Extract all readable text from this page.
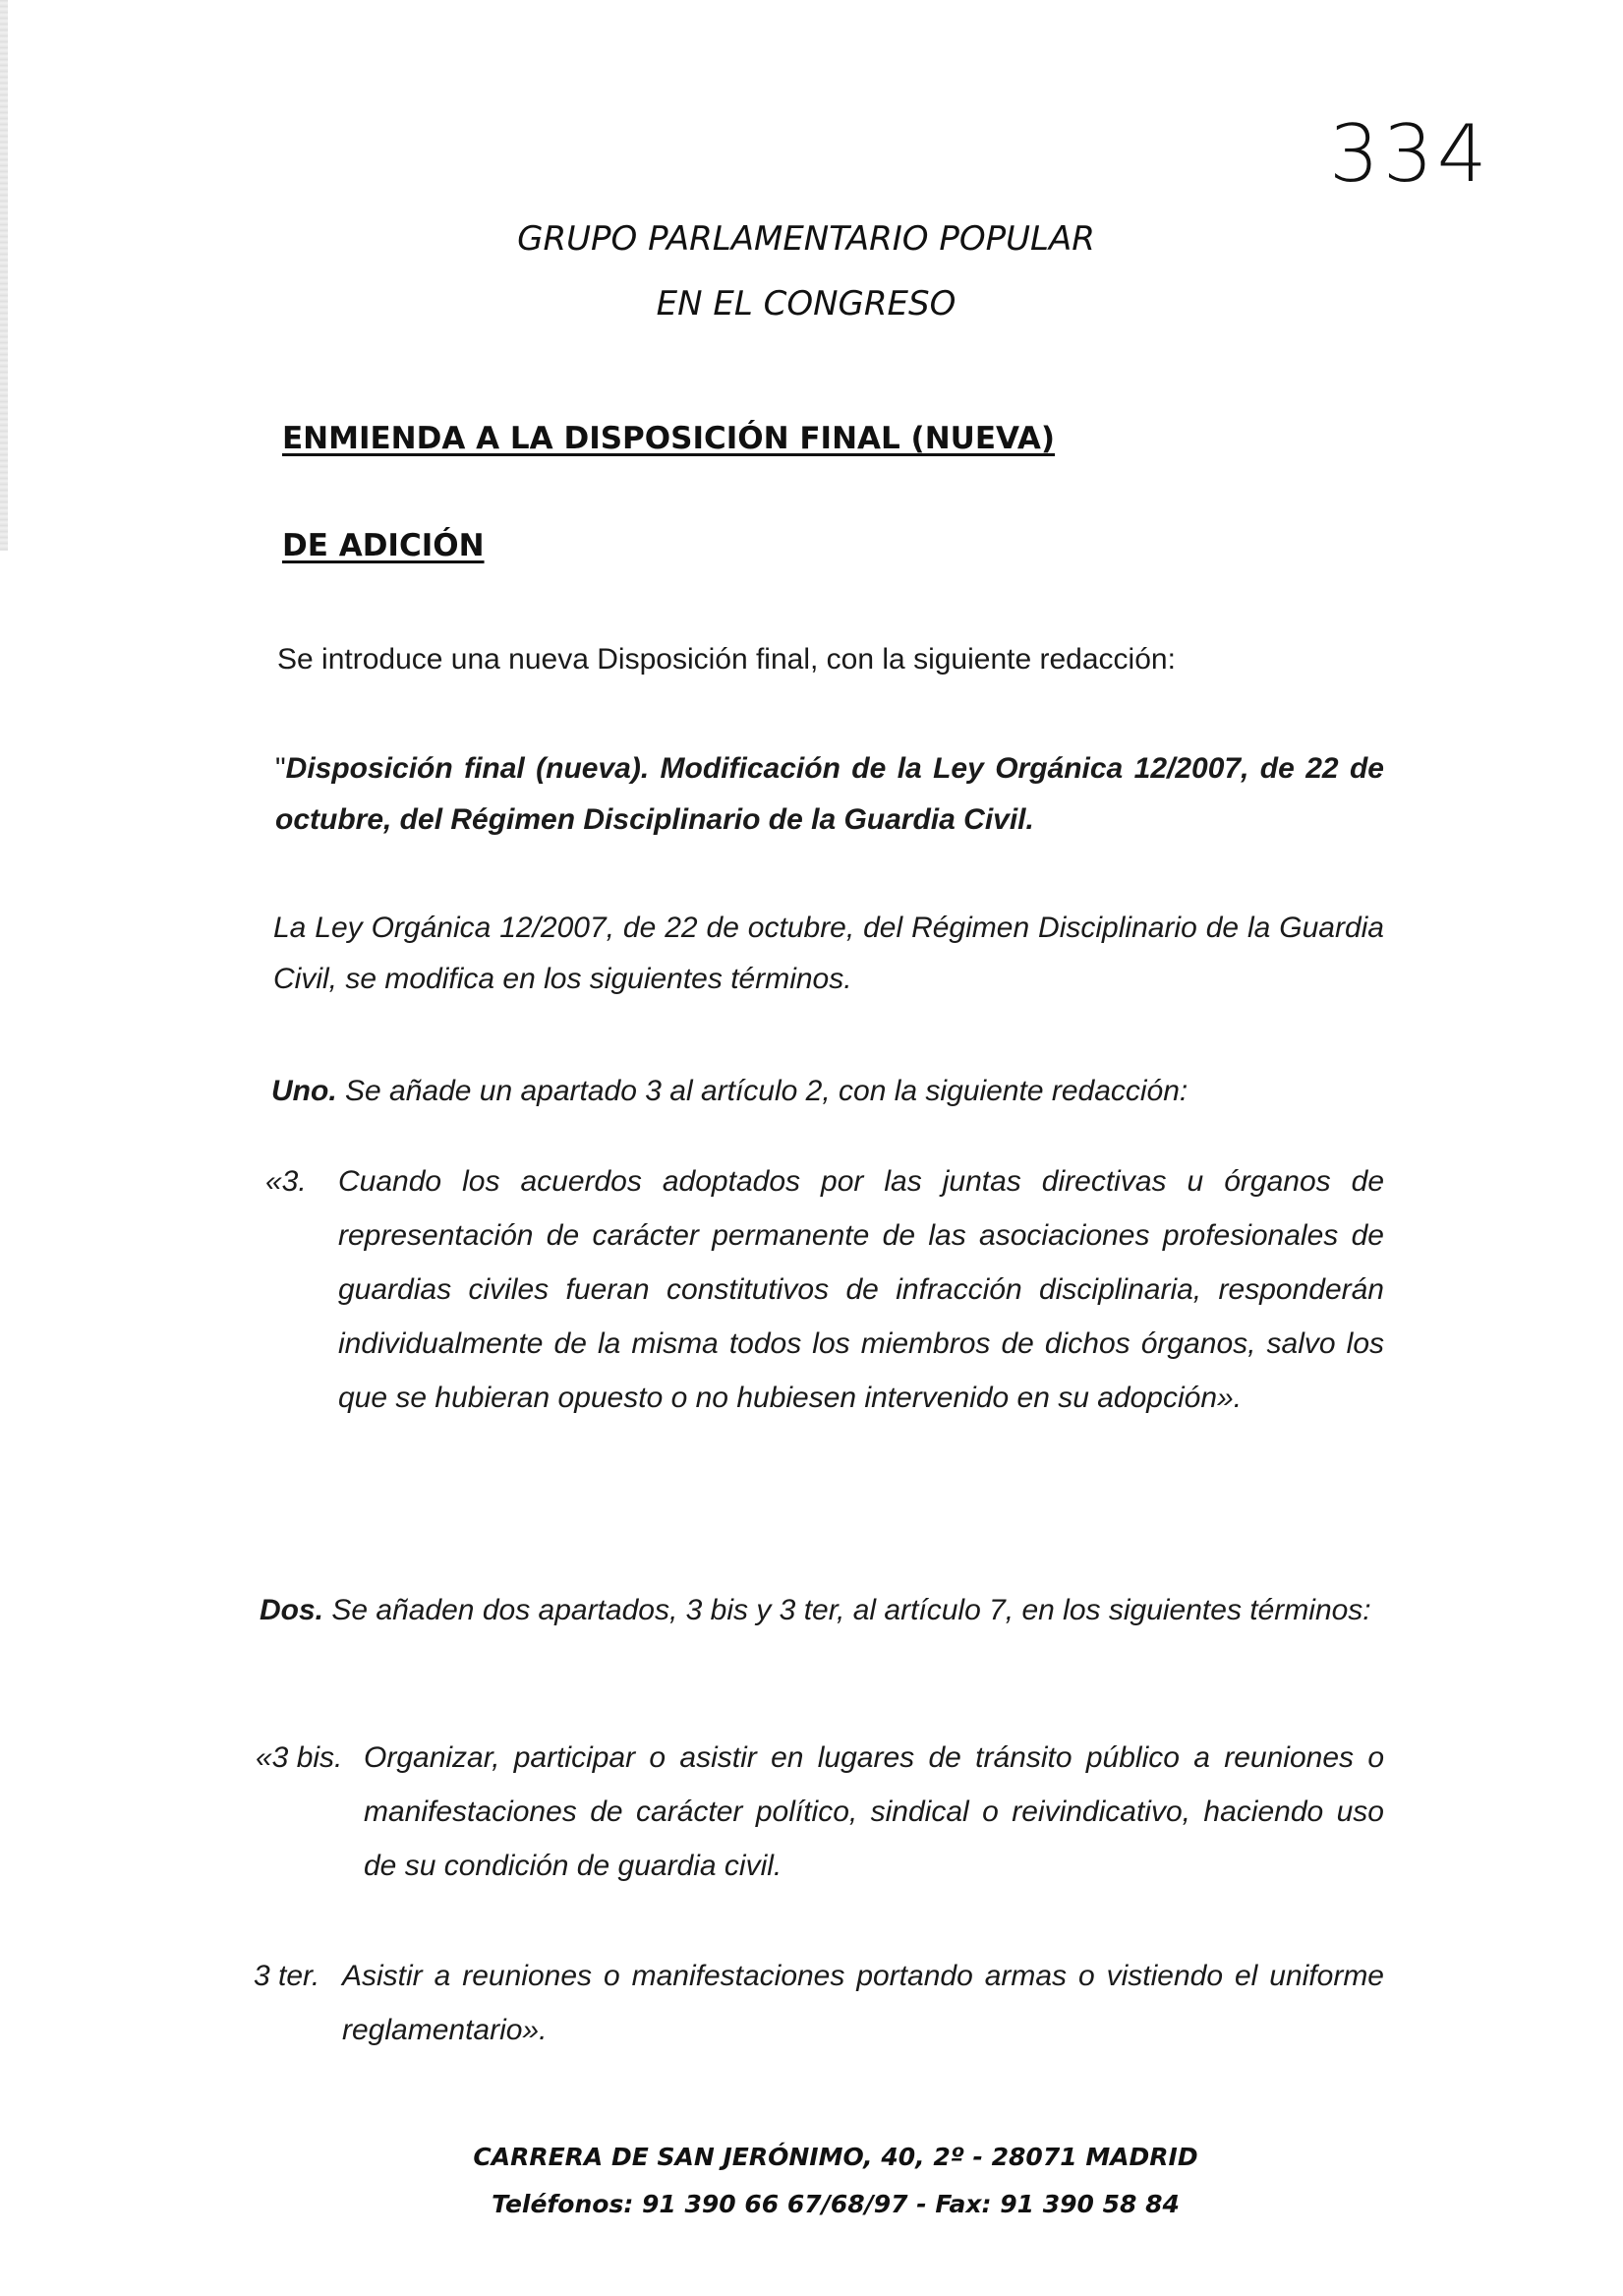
334
GRUPO PARLAMENTARIO POPULAR
EN EL CONGRESO
ENMIENDA A LA DISPOSICIÓN FINAL (NUEVA)
DE ADICIÓN
Se introduce una nueva Disposición final, con la siguiente redacción:
"Disposición final (nueva). Modificación de la Ley Orgánica 12/2007, de 22 de octubre, del Régimen Disciplinario de la Guardia Civil.
La Ley Orgánica 12/2007, de 22 de octubre, del Régimen Disciplinario de la Guardia Civil, se modifica en los siguientes términos.
Uno. Se añade un apartado 3 al artículo 2, con la siguiente redacción:
«3.	Cuando los acuerdos adoptados por las juntas directivas u órganos de representación de carácter permanente de las asociaciones profesionales de guardias civiles fueran constitutivos de infracción disciplinaria, responderán individualmente de la misma todos los miembros de dichos órganos, salvo los que se hubieran opuesto o no hubiesen intervenido en su adopción».
Dos. Se añaden dos apartados, 3 bis y 3 ter, al artículo 7, en los siguientes términos:
«3 bis. Organizar, participar o asistir en lugares de tránsito público a reuniones o manifestaciones de carácter político, sindical o reivindicativo, haciendo uso de su condición de guardia civil.
3 ter. Asistir a reuniones o manifestaciones portando armas o vistiendo el uniforme reglamentario».
CARRERA DE SAN JERÓNIMO, 40, 2º - 28071 MADRID
Teléfonos: 91 390 66 67/68/97 - Fax: 91 390 58 84
